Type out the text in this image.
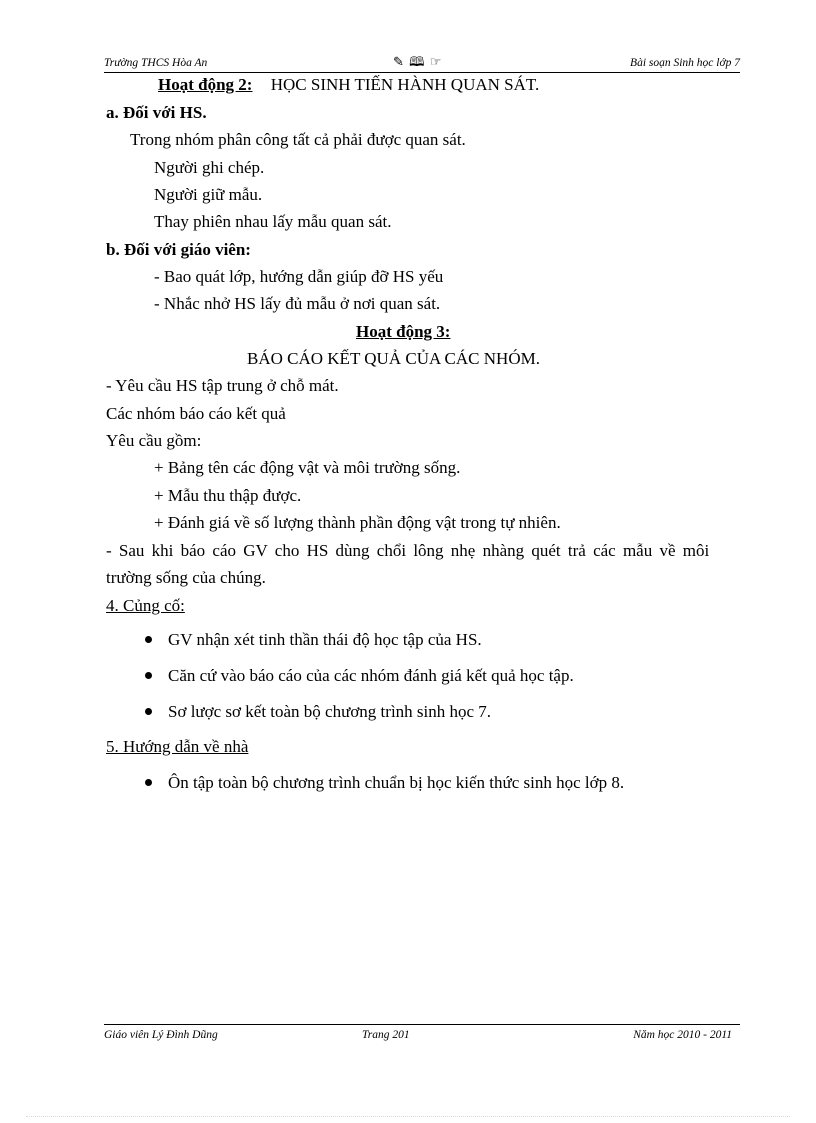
Trường THCS Hòa An	✎ 🕮 ☞	Bài soạn Sinh học lớp 7
Hoạt động 2: HỌC SINH TIẾN HÀNH QUAN SÁT.
a. Đối với HS.
Trong nhóm phân công tất cả phải được quan sát.
Người ghi chép.
Người giữ mẫu.
Thay phiên nhau lấy mẫu quan sát.
b. Đối với giáo viên:
- Bao quát lớp, hướng dẫn giúp đỡ HS yếu
- Nhắc nhở HS lấy đủ mẫu ở nơi quan sát.
Hoạt động 3:
BÁO CÁO KẾT QUẢ CỦA CÁC NHÓM.
- Yêu cầu HS tập trung ở chỗ mát.
Các nhóm báo cáo kết quả
Yêu cầu gồm:
+ Bảng tên các động vật và môi trường sống.
+ Mẫu thu thập được.
+ Đánh giá về số lượng thành phần động vật trong tự nhiên.
- Sau khi báo cáo GV cho HS dùng chổi lông nhẹ nhàng quét trả các mẫu về môi
trường sống của chúng.
4. Củng cố:
GV nhận xét tinh thần thái độ học tập của HS.
Căn cứ vào báo cáo của các nhóm đánh giá kết quả học tập.
Sơ lược sơ kết toàn bộ chương trình sinh học 7.
5. Hướng dẫn về nhà
Ôn tập toàn bộ chương trình chuẩn bị học kiến thức sinh học lớp 8.
Giáo viên Lý Đình Dũng	Trang 201	Năm học 2010 - 2011
